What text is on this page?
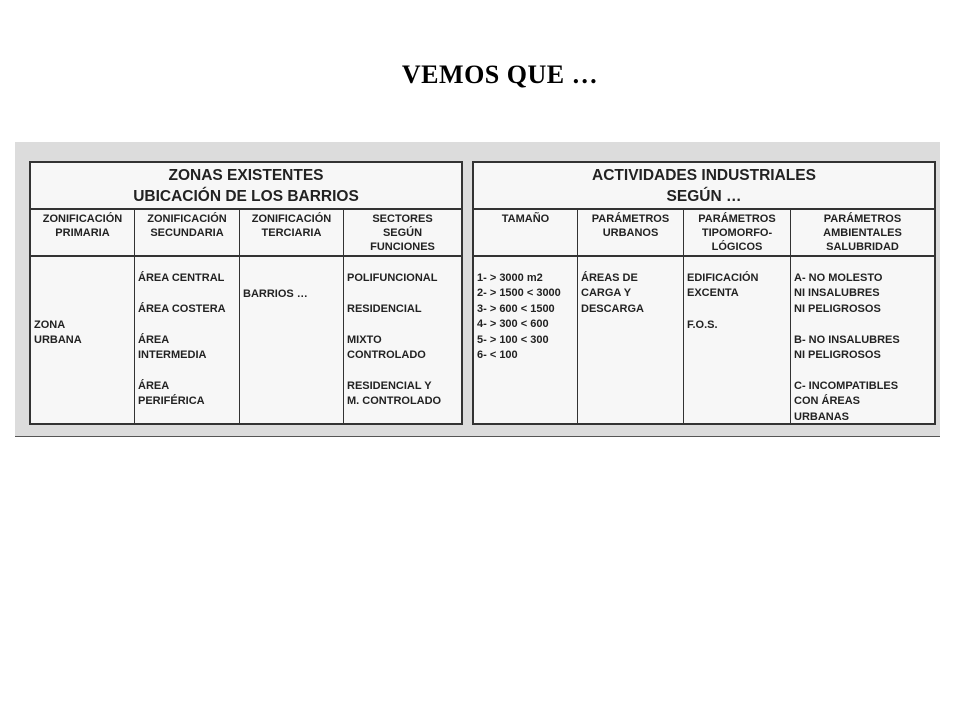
VEMOS QUE …
ZONAS EXISTENTES
UBICACIÓN DE LOS BARRIOS
ZONIFICACIÓN
PRIMARIA
ZONA
URBANA
ZONIFICACIÓN
SECUNDARIA
ÁREA CENTRAL
ÁREA COSTERA
ÁREA
INTERMEDIA
ÁREA
PERIFÉRICA
ZONIFICACIÓN
TERCIARIA
BARRIOS …
SECTORES
SEGÚN
FUNCIONES
POLIFUNCIONAL
RESIDENCIAL
MIXTO
CONTROLADO
RESIDENCIAL Y
M. CONTROLADO
ACTIVIDADES INDUSTRIALES
SEGÚN …
TAMAÑO
1- > 3000 m2
2- > 1500 < 3000
3- > 600 < 1500
4- > 300 < 600
5- > 100 < 300
6- < 100
PARÁMETROS
URBANOS
ÁREAS DE
CARGA Y
DESCARGA
PARÁMETROS
TIPOMORFO-
LÓGICOS
EDIFICACIÓN
EXCENTA
F.O.S.
PARÁMETROS
AMBIENTALES
SALUBRIDAD
A- NO MOLESTO
NI INSALUBRES
NI PELIGROSOS
B- NO INSALUBRES
NI PELIGROSOS
C- INCOMPATIBLES
CON ÁREAS
URBANAS
